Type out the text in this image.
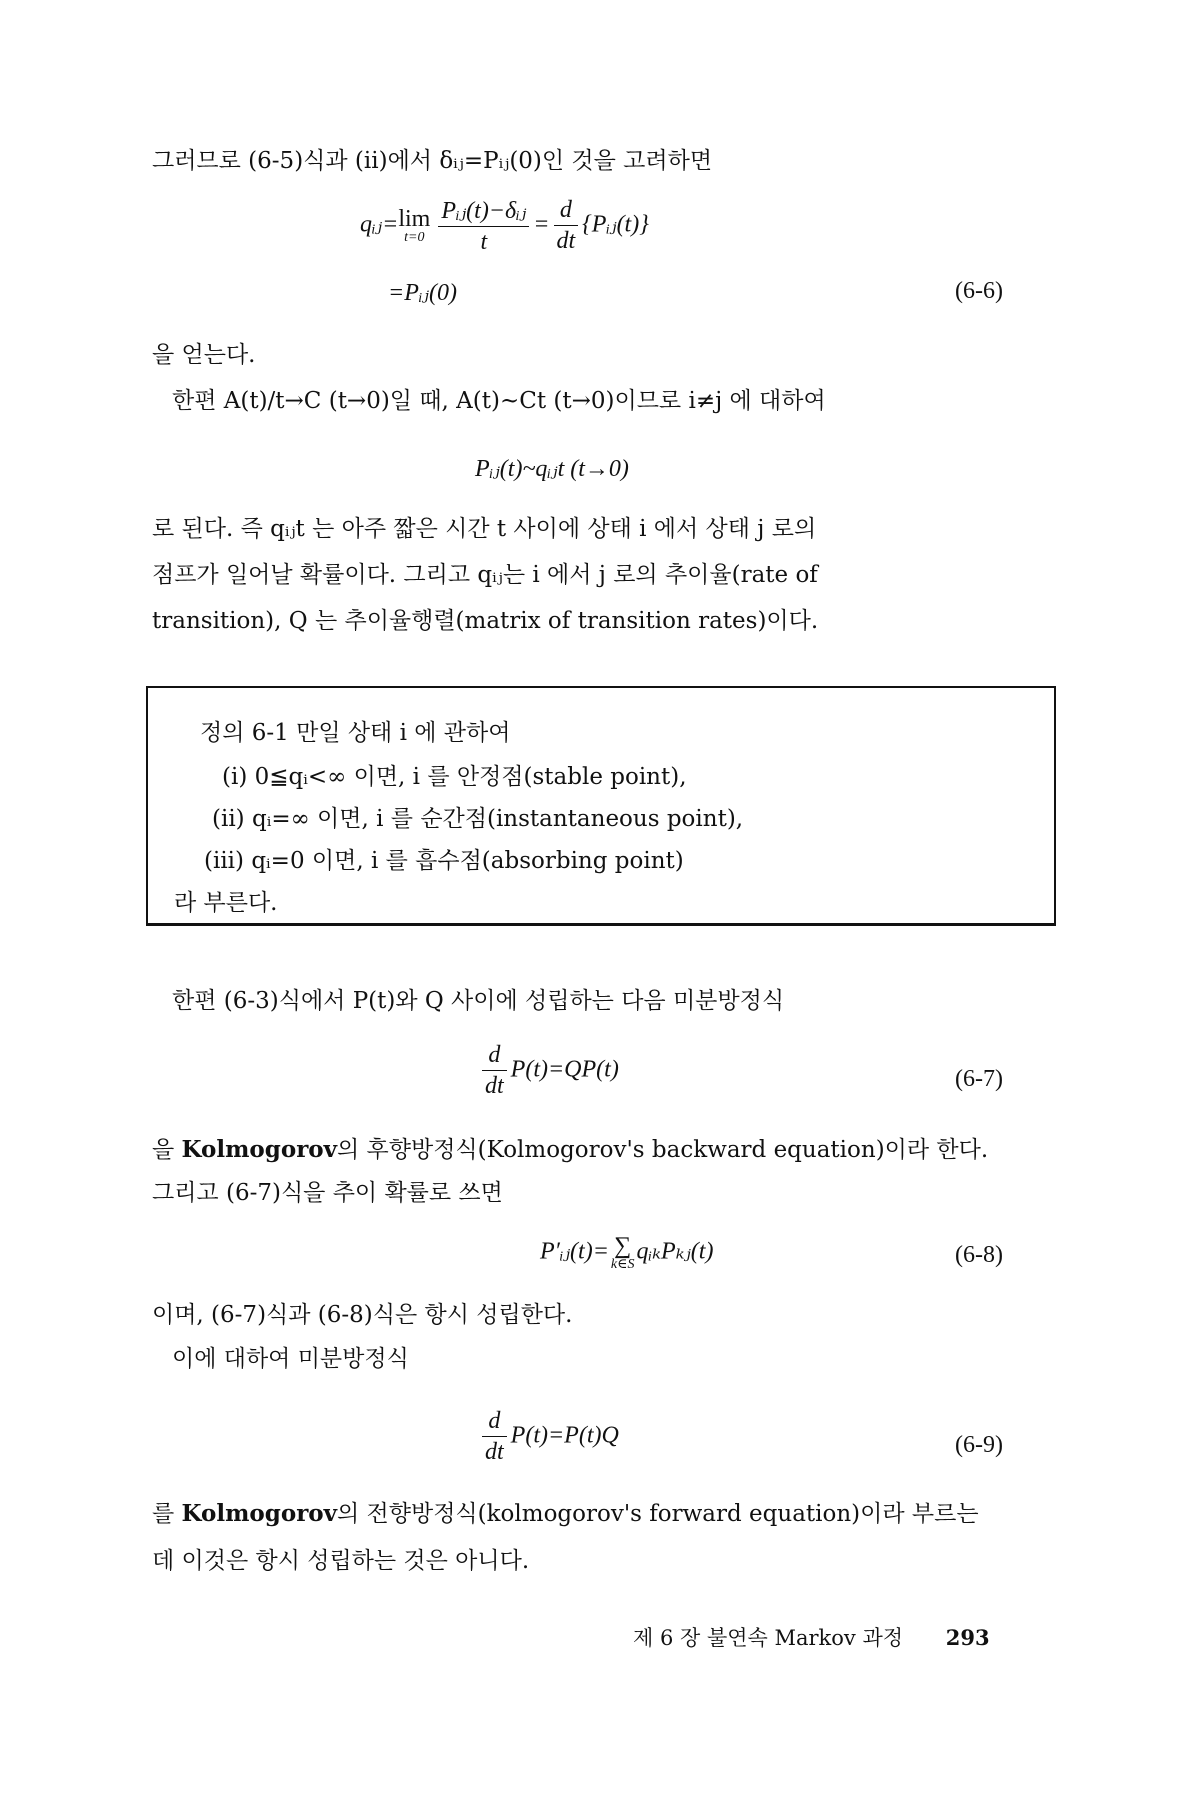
그러므로 (6-5)식과 (ii)에서 δᵢⱼ=Pᵢⱼ(0)인 것을 고려하면
qᵢⱼ=lim
$t=0 \frac{\text{Pᵢⱼ(t)−δᵢⱼ}}{t} = \frac{d}{dt}$ {Pᵢⱼ(t)}
=Pᵢⱼ(0)	(6-6)
을 얻는다.
한편 A(t)/t→C (t→0)일 때, A(t)~Ct (t→0)이므로 i≠j 에 대하여
Pᵢⱼ(t)~qᵢⱼt (t→0)
로 된다. 즉 qᵢⱼt 는 아주 짧은 시간 t 사이에 상태 i 에서 상태 j 로의
점프가 일어날 확률이다. 그리고 qᵢⱼ는 i 에서 j 로의 추이율(rate of
transition), Q 는 추이율행렬(matrix of transition rates)이다.
정의 6-1 만일 상태 i 에 관하여
(i) 0≦qᵢ<∞ 이면, i 를 안정점(stable point),
(ii) qᵢ=∞ 이면, i 를 순간점(instantaneous point),
(iii) qᵢ=0 이면, i 를 흡수점(absorbing point)
라 부른다.
한편 (6-3)식에서 P(t)와 Q 사이에 성립하는 다음 미분방정식
$\frac{d}{dt} P(t)=QP(t)$	(6-7)
을 Kolmogorov의 후향방정식(Kolmogorov's backward equation)이라 한다.
그리고 (6-7)식을 추이 확률로 쓰면
P′ᵢⱼ(t)= ∑
k∈S qᵢₖPₖⱼ(t)	(6-8)
이며, (6-7)식과 (6-8)식은 항시 성립한다.
이에 대하여 미분방정식
$\frac{d}{dt} P(t)=P(t)Q$	(6-9)
를 Kolmogorov의 전향방정식(kolmogorov's forward equation)이라 부르는
데 이것은 항시 성립하는 것은 아니다.
제 6 장 불연속 Markov 과정 293
